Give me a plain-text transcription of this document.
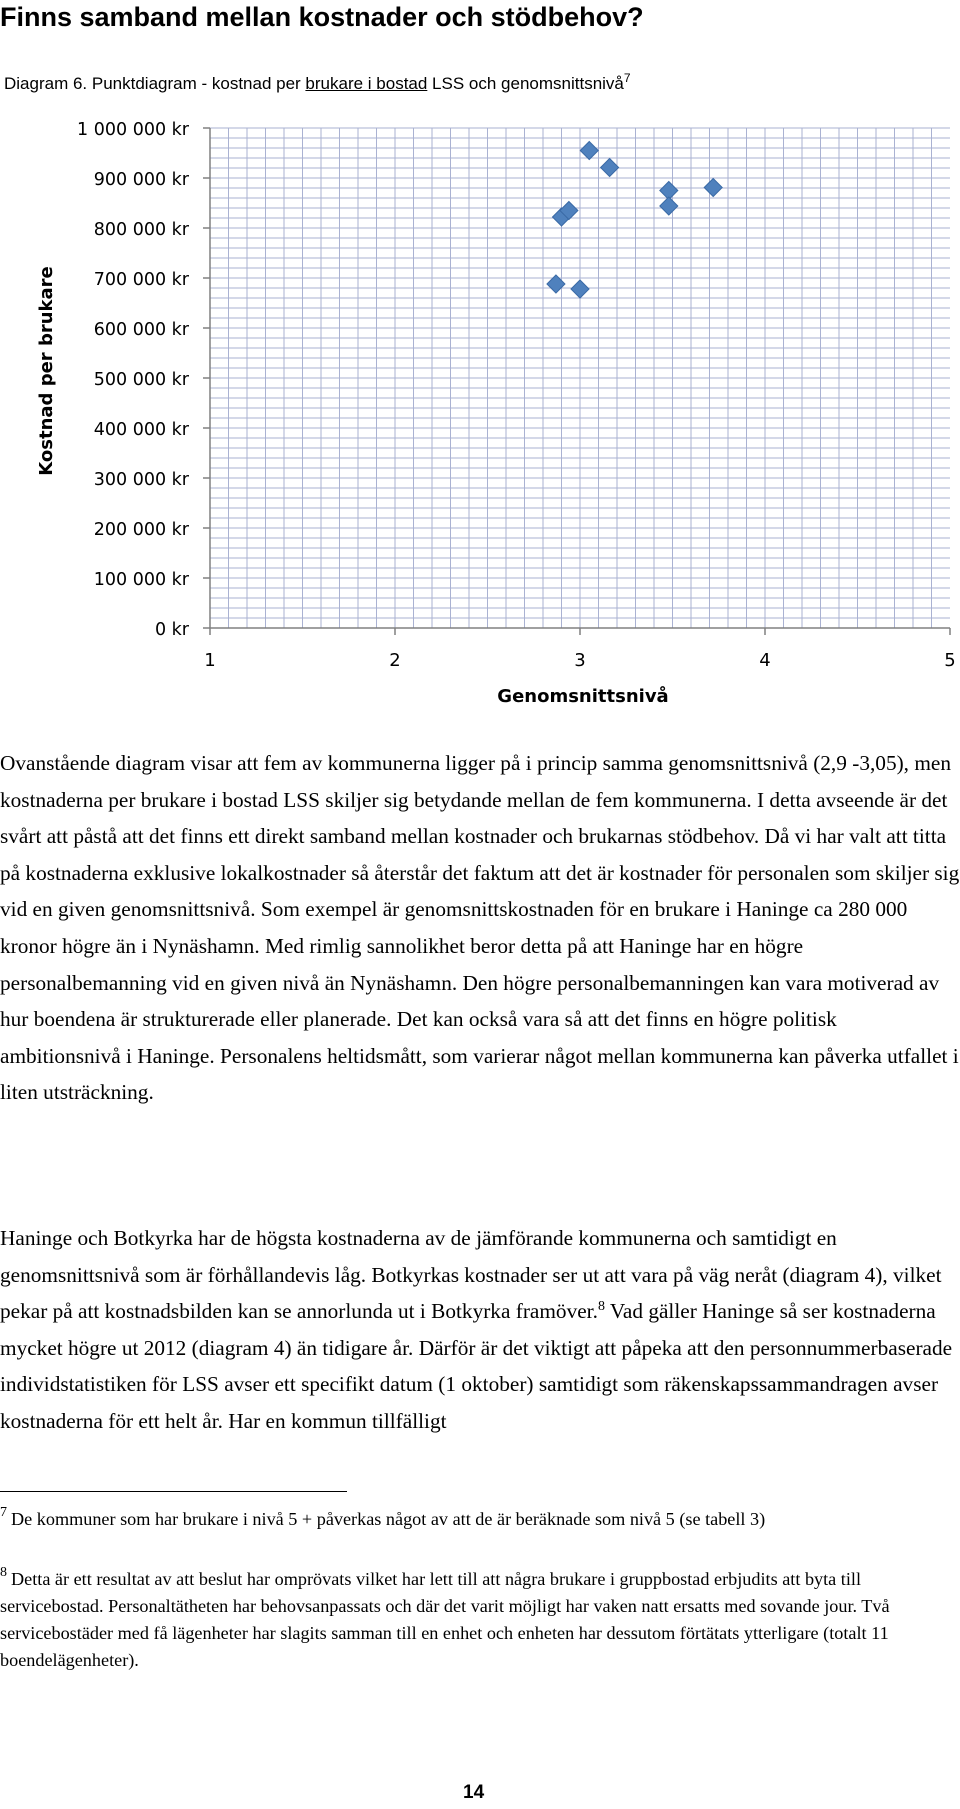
Finns samband mellan kostnader och stödbehov?
Diagram 6. Punktdiagram - kostnad per brukare i bostad LSS och genomsnittsnivå$^7$
0 kr
100 000 kr
200 000 kr
300 000 kr
400 000 kr
500 000 kr
600 000 kr
700 000 kr
800 000 kr
900 000 kr
1 000 000 kr
1	2	3	4	5
Kostnad per brukare
Genomsnittsnivå

Ovanstående diagram visar att fem av kommunerna ligger på i princip samma genomsnittsnivå (2,9 -3,05), men kostnaderna per brukare i bostad LSS skiljer sig betydande mellan de fem kommunerna. I detta avseende är det svårt att påstå att det finns ett direkt samband mellan kostnader och brukarnas stödbehov. Då vi har valt att titta på kostnaderna exklusive lokalkostnader så återstår det faktum att det är kostnader för personalen som skiljer sig vid en given genomsnittsnivå. Som exempel är genomsnittskostnaden för en brukare i Haninge ca 280 000 kronor högre än i Nynäshamn. Med rimlig sannolikhet beror detta på att Haninge har en högre personalbemanning vid en given nivå än Nynäshamn. Den högre personalbemanningen kan vara motiverad av hur boendena är strukturerade eller planerade. Det kan också vara så att det finns en högre politisk ambitionsnivå i Haninge. Personalens heltidsmått, som varierar något mellan kommunerna kan påverka utfallet i liten utsträckning.

Haninge och Botkyrka har de högsta kostnaderna av de jämförande kommunerna och samtidigt en genomsnittsnivå som är förhållandevis låg. Botkyrkas kostnader ser ut att vara på väg neråt (diagram 4), vilket pekar på att kostnadsbilden kan se annorlunda ut i Botkyrka framöver.$^8$ Vad gäller Haninge så ser kostnaderna mycket högre ut 2012 (diagram 4) än tidigare år. Därför är det viktigt att påpeka att den personnummerbaserade individstatistiken för LSS avser ett specifikt datum (1 oktober) samtidigt som räkenskapssammandragen avser kostnaderna för ett helt år. Har en kommun tillfälligt

$^7$ De kommuner som har brukare i nivå 5 + påverkas något av att de är beräknade som nivå 5 (se tabell 3)

$^8$ Detta är ett resultat av att beslut har omprövats vilket har lett till att några brukare i gruppbostad erbjudits att byta till servicebostad. Personaltätheten har behovsanpassats och där det varit möjligt har vaken natt ersatts med sovande jour. Två servicebostäder med få lägenheter har slagits samman till en enhet och enheten har dessutom förtätats ytterligare (totalt 11 boendelägenheter).

14
